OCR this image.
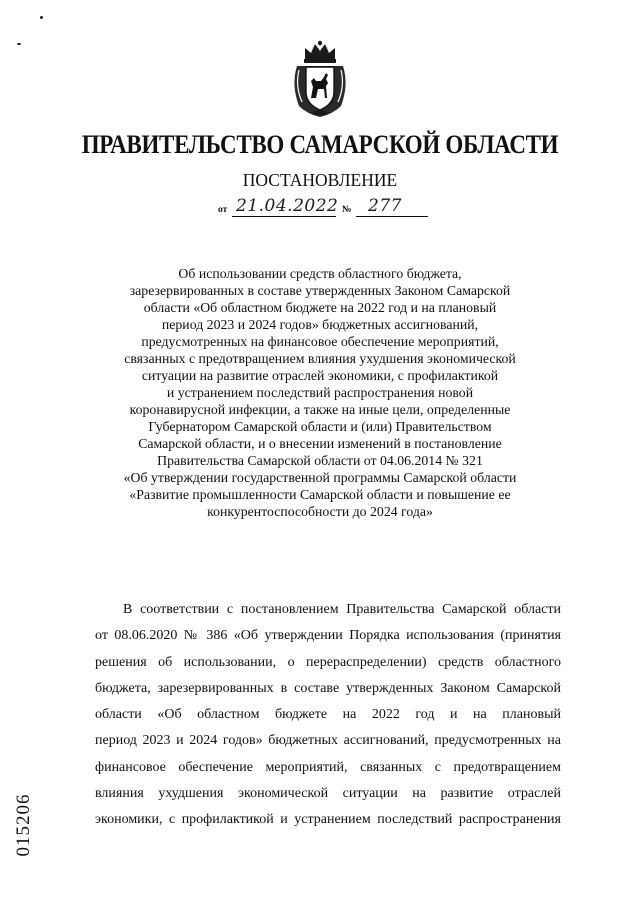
ПРАВИТЕЛЬСТВО САМАРСКОЙ ОБЛАСТИ
ПОСТАНОВЛЕНИЕ
от 21.04.2022 № 277
Об использовании средств областного бюджета,
зарезервированных в составе утвержденных Законом Самарской
области «Об областном бюджете на 2022 год и на плановый
период 2023 и 2024 годов» бюджетных ассигнований,
предусмотренных на финансовое обеспечение мероприятий,
связанных с предотвращением влияния ухудшения экономической
ситуации на развитие отраслей экономики, с профилактикой
и устранением последствий распространения новой
коронавирусной инфекции, а также на иные цели, определенные
Губернатором Самарской области и (или) Правительством
Самарской области, и о внесении изменений в постановление
Правительства Самарской области от 04.06.2014 № 321
«Об утверждении государственной программы Самарской области
«Развитие промышленности Самарской области и повышение ее
конкурентоспособности до 2024 года»
В соответствии с постановлением Правительства Самарской области
от 08.06.2020 № 386 «Об утверждении Порядка использования (принятия
решения об использовании, о перераспределении) средств областного
бюджета, зарезервированных в составе утвержденных Законом Самарской
области «Об областном бюджете на 2022 год и на плановый
период 2023 и 2024 годов» бюджетных ассигнований, предусмотренных на
финансовое обеспечение мероприятий, связанных с предотвращением
влияния ухудшения экономической ситуации на развитие отраслей
экономики, с профилактикой и устранением последствий распространения
015206
